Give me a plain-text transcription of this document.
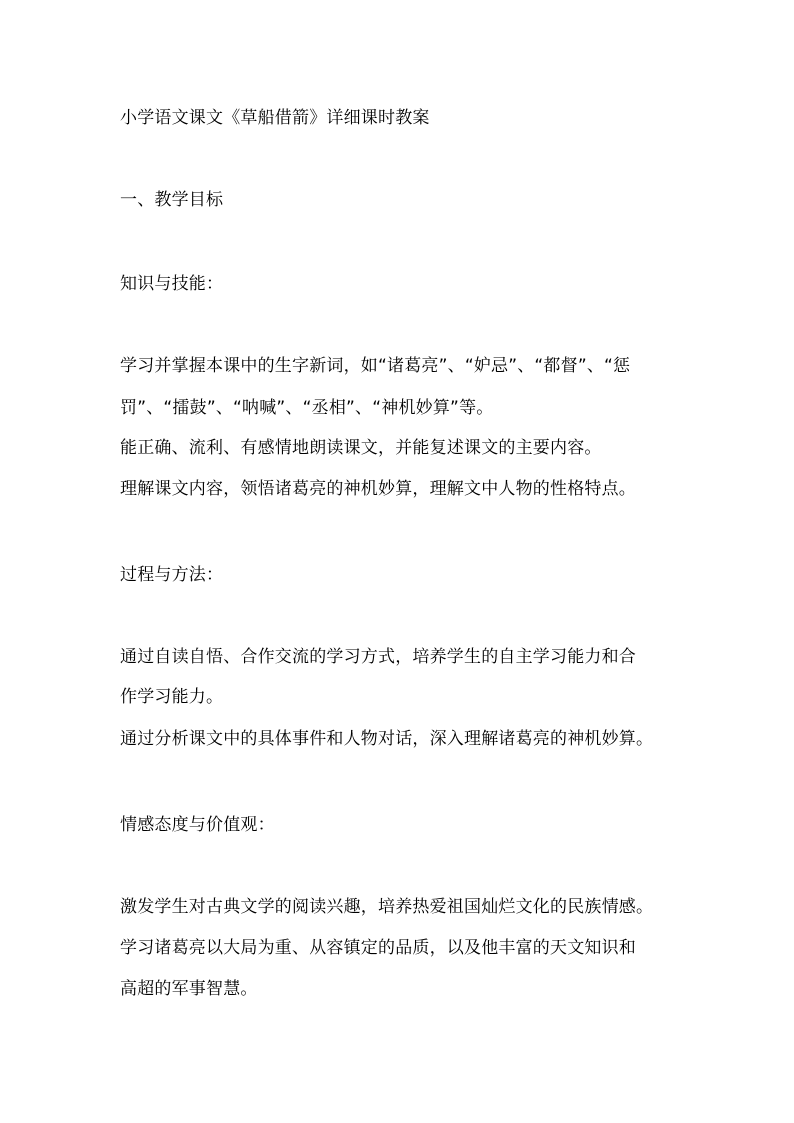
小学语文课文《草船借箭》详细课时教案
一、教学目标
知识与技能：
学习并掌握本课中的生字新词，如“诸葛亮”、“妒忌”、“都督”、“惩
罚”、“擂鼓”、“呐喊”、“丞相”、“神机妙算”等。
能正确、流利、有感情地朗读课文，并能复述课文的主要内容。
理解课文内容，领悟诸葛亮的神机妙算，理解文中人物的性格特点。
过程与方法：
通过自读自悟、合作交流的学习方式，培养学生的自主学习能力和合
作学习能力。
通过分析课文中的具体事件和人物对话，深入理解诸葛亮的神机妙算。
情感态度与价值观：
激发学生对古典文学的阅读兴趣，培养热爱祖国灿烂文化的民族情感。
学习诸葛亮以大局为重、从容镇定的品质，以及他丰富的天文知识和
高超的军事智慧。
